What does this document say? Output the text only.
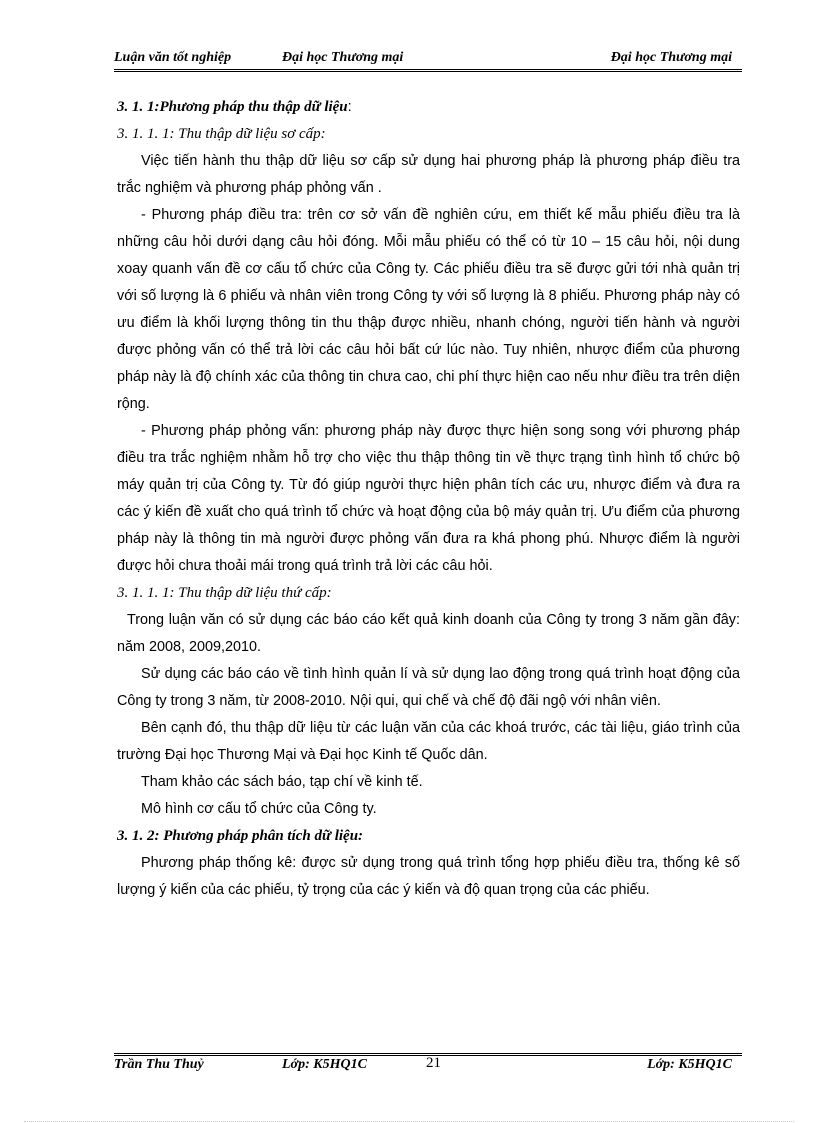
Luận văn tốt nghiệp	Đại học Thương mại	Đại học Thương mại

3. 1. 1:Phương pháp thu thập dữ liệu:

3. 1. 1. 1: Thu thập dữ liệu sơ cấp:

Việc tiến hành thu thập dữ liệu sơ cấp sử dụng hai phương pháp là phương pháp điều tra trắc nghiệm và phương pháp phỏng vấn .

- Phương pháp điều tra: trên cơ sở vấn đề nghiên cứu, em thiết kế mẫu phiếu điều tra là những câu hỏi dưới dạng câu hỏi đóng. Mỗi mẫu phiếu có thể có từ 10 – 15 câu hỏi, nội dung xoay quanh vấn đề cơ cấu tổ chức của Công ty. Các phiếu điều tra sẽ được gửi tới nhà quản trị với số lượng là 6 phiếu và nhân viên trong Công ty với số lượng là 8 phiếu. Phương pháp này có ưu điểm là khối lượng thông tin thu thập được nhiều, nhanh chóng, người tiến hành và người được phỏng vấn có thể trả lời các câu hỏi bất cứ lúc nào. Tuy nhiên, nhược điểm của phương pháp này là độ chính xác của thông tin chưa cao, chi phí thực hiện cao nếu như điều tra trên diện rộng.

- Phương pháp phỏng vấn: phương pháp này được thực hiện song song với phương pháp điều tra trắc nghiệm nhằm hỗ trợ cho việc thu thập thông tin về thực trạng tình hình tổ chức bộ máy quản trị của Công ty. Từ đó giúp người thực hiện phân tích các ưu, nhược điểm và đưa ra các ý kiến đề xuất cho quá trình tổ chức và hoạt động của bộ máy quản trị. Ưu điểm của phương pháp này là thông tin mà người được phỏng vấn đưa ra khá phong phú. Nhược điểm là người được hỏi chưa thoải mái trong quá trình trả lời các câu hỏi.

3. 1. 1. 1: Thu thập dữ liệu thứ cấp:

Trong luận văn có sử dụng các báo cáo kết quả kinh doanh của Công ty trong 3 năm gần đây: năm 2008, 2009,2010.

Sử dụng các báo cáo về tình hình quản lí và sử dụng lao động trong quá trình hoạt động của Công ty trong 3 năm, từ 2008-2010. Nội qui, qui chế và chế độ đãi ngộ với nhân viên.

Bên cạnh đó, thu thập dữ liệu từ các luận văn của các khoá trước, các tài liệu, giáo trình của trường Đại học Thương Mại và Đại học Kinh tế Quốc dân.

Tham khảo các sách báo, tạp chí về kinh tế.

Mô hình cơ cấu tổ chức của Công ty.

3. 1. 2: Phương pháp phân tích dữ liệu:

Phương pháp thống kê: được sử dụng trong quá trình tổng hợp phiếu điều tra, thống kê số lượng ý kiến của các phiếu, tỷ trọng của các ý kiến và độ quan trọng của các phiếu.

Trần Thu Thuỷ	Lớp: K5HQ1C	21	Lớp: K5HQ1C
